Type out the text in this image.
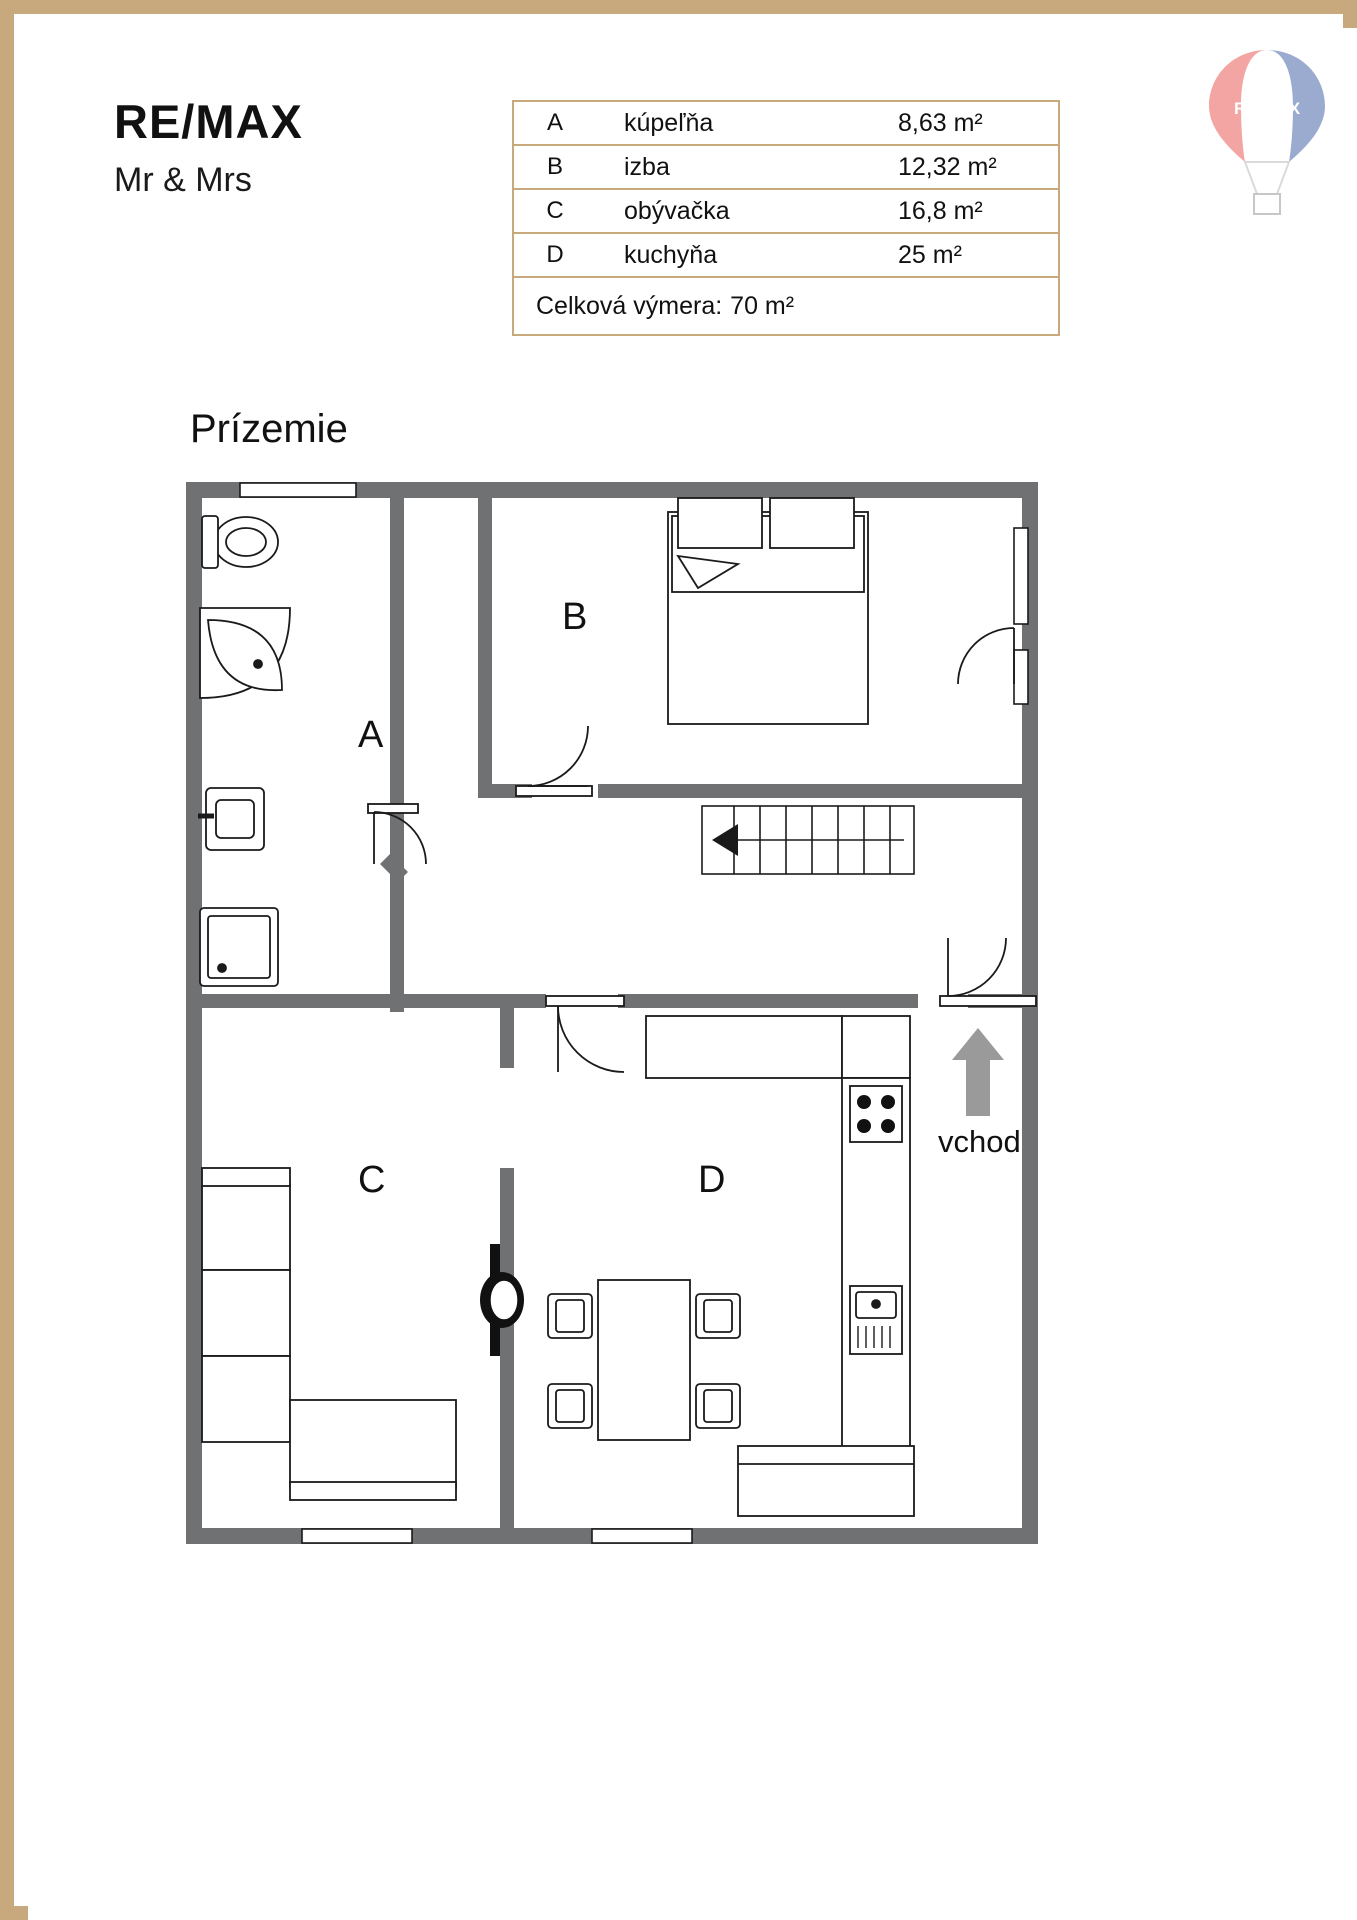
RE/MAX
Mr & Mrs
RE/MAX
A	kúpeľňa	8,63 m²
B	izba	12,32 m²
C	obývačka	16,8 m²
D	kuchyňa	25 m²
Celková výmera: 70 m²
Prízemie
A
B
C	D
vchod
